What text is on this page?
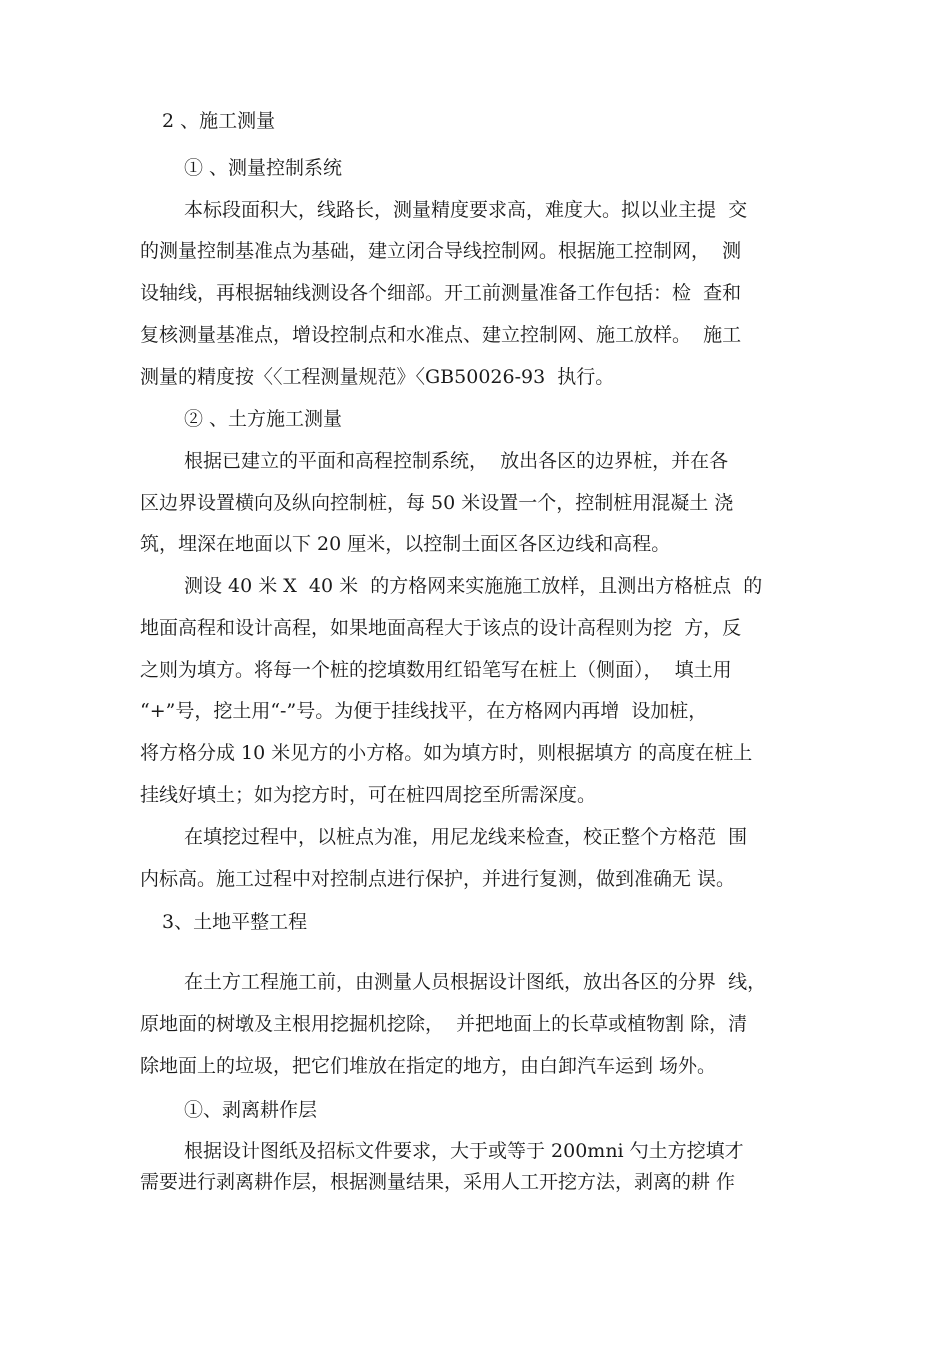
2 、施工测量

① 、测量控制系统

本标段面积大，线路长，测量精度要求高，难度大。拟以业主提  交

的测量控制基准点为基础，建立闭合导线控制网。根据施工控制网，  测

设轴线，再根据轴线测设各个细部。开工前测量准备工作包括：检  查和

复核测量基准点，增设控制点和水准点、建立控制网、施工放样。  施工

测量的精度按〈〈工程测量规范》〈GB50026-93  执行。

② 、土方施工测量

根据已建立的平面和高程控制系统，  放出各区的边界桩，并在各

区边界设置横向及纵向控制桩，每 50 米设置一个，控制桩用混凝土 浇

筑，埋深在地面以下 20 厘米，以控制土面区各区边线和高程。

测设 40 米 X  40 米  的方格网来实施施工放样，且测出方格桩点  的

地面高程和设计高程，如果地面高程大于该点的设计高程则为挖  方，反

之则为填方。将每一个桩的挖填数用红铅笔写在桩上（侧面），  填土用

“+”号，挖土用“-”号。为便于挂线找平，在方格网内再增  设加桩，

将方格分成 10 米见方的小方格。如为填方时，则根据填方 的高度在桩上

挂线好填土；如为挖方时，可在桩四周挖至所需深度。

在填挖过程中，以桩点为准，用尼龙线来检查，校正整个方格范  围

内标高。施工过程中对控制点进行保护，并进行复测，做到准确无 误。

3、土地平整工程

在土方工程施工前，由测量人员根据设计图纸，放出各区的分界  线，

原地面的树墩及主根用挖掘机挖除，  并把地面上的长草或植物割 除，清

除地面上的垃圾，把它们堆放在指定的地方，由白卸汽车运到 场外。

①、剥离耕作层

根据设计图纸及招标文件要求，大于或等于 200mni 勺土方挖填才

需要进行剥离耕作层，根据测量结果，采用人工开挖方法，剥离的耕 作
